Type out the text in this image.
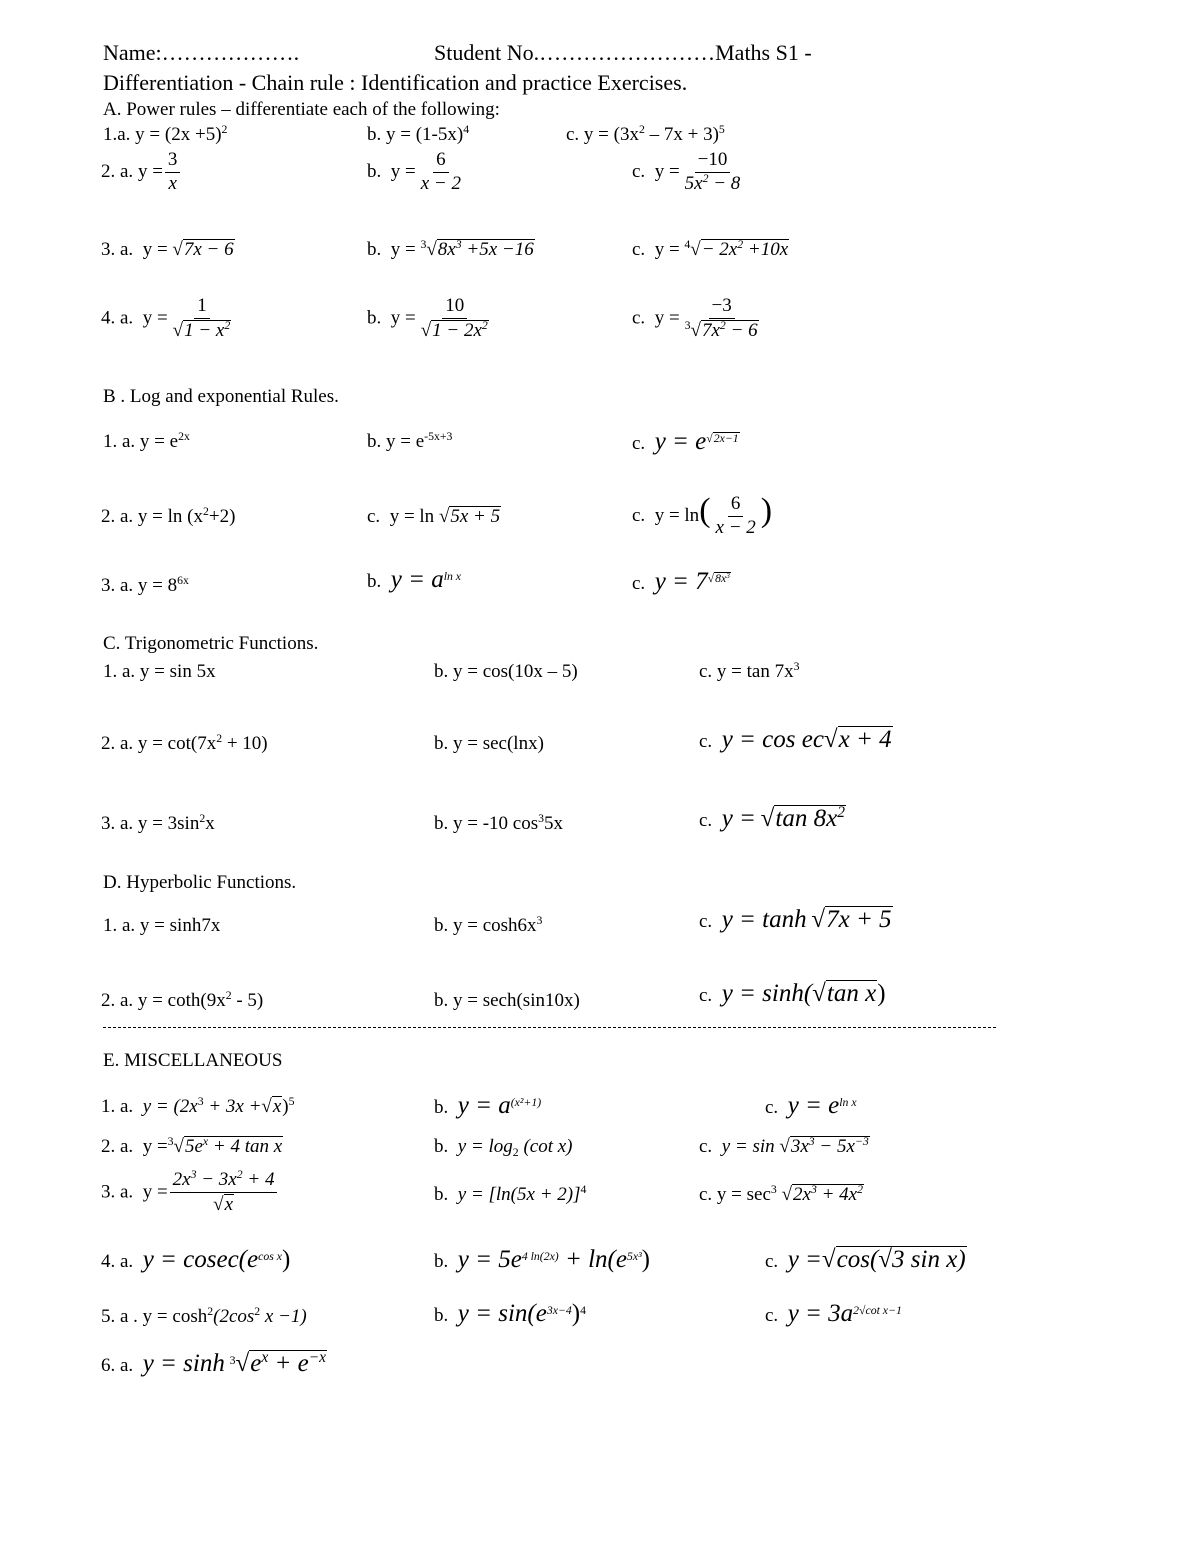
Name:……………….	Student No.……………………Maths S1 -
Differentiation - Chain rule : Identification and practice Exercises.
A. Power rules – differentiate each of the following:
1.a. $y = (2x +5)^2$	b. $y = (1-5x)^4$	c. $y = (3x^2 - 7x + 3)^5$
2. a. $y = \frac{3}{x}$	b. $y = \frac{6}{x - 2}$	c. $y = \frac{-10}{5x^2 - 8}$
3. a. y = √7x − 6	b. $y = ^3√8x^3 +5x -16$	c. $y = ^4√- 2x^2 +10x$
4. a. $y = \frac{1}{√1 - x^2}$	b. $y = \frac{10}{√1 - 2x^2}$	c. $y = \frac{-3}{^3√7x^2 - 6}$
B . Log and exponential Rules.
1. a. $y = e^{2x}$	b. $y = e^{-5x+3}$	c. $y = e^{√2x-1}$
2. a. $y = \ln (x^2+2)$	c. y = ln √5x + 5	c. $y = \ln( \frac{6}{x - 2}$ )
3. a. $y = 8^{6x}$	b. $y = a^{ln x}$	c. $y = 7^{√8x^3}$
C. Trigonometric Functions.
1. a. y = sin 5x	b. y = cos(10x – 5)	c. $y = \tan 7x^3$
2. a. $y = \cot(7x^2 + 10)$	b. y = sec(lnx)	c. y = cos ec√x + 4
3. a. $y = 3\sin^2x$	b. y = -10 $\cos^35x$	c. y = √tan $8x^2$
D. Hyperbolic Functions.
1. a. y = sinh7x	b. $y = \cosh 6x^3$	c. y = tanh √7x + 5
2. a. $y = \cot h(9x^2 - 5)$	b. y = sech(sin10x)	c. y = sinh(√tan x)
E. MISCELLANEOUS
1. a. $y = (2x^3 + 3x +√x)^5$	b. $y = a^{(x^2+1)}$	c. $y = e^{ln x}$
2. a. $y =^3√5e^x + 4$ tan x	b. $y = \log_2 (\cot$ x)	c. $y = \sin √3x^3 - 5x^{-3}$
3. a. $y = \frac{2x^3 - 3x^2 + 4}{√x}$	b. $y = [\ln(5x + 2)]^4$	c. $y = \sec^3 √2x^3 + 4x^2$
4. a. $y = cosec(e^{cos x})$	b. $y = 5e^{4 ln(2x)} + \ln(e^{5x^3})$	c. y =√cos(√3 sin x)
5. a . $y = \cosh^2(2\cos^2$ x −1)	b. $y = \sin(e^{3x-4})^4$	c. $y = 3a^{2√cot x-1}$
6. a. $y = \sinh ^3√e^x + e^{-x}$
